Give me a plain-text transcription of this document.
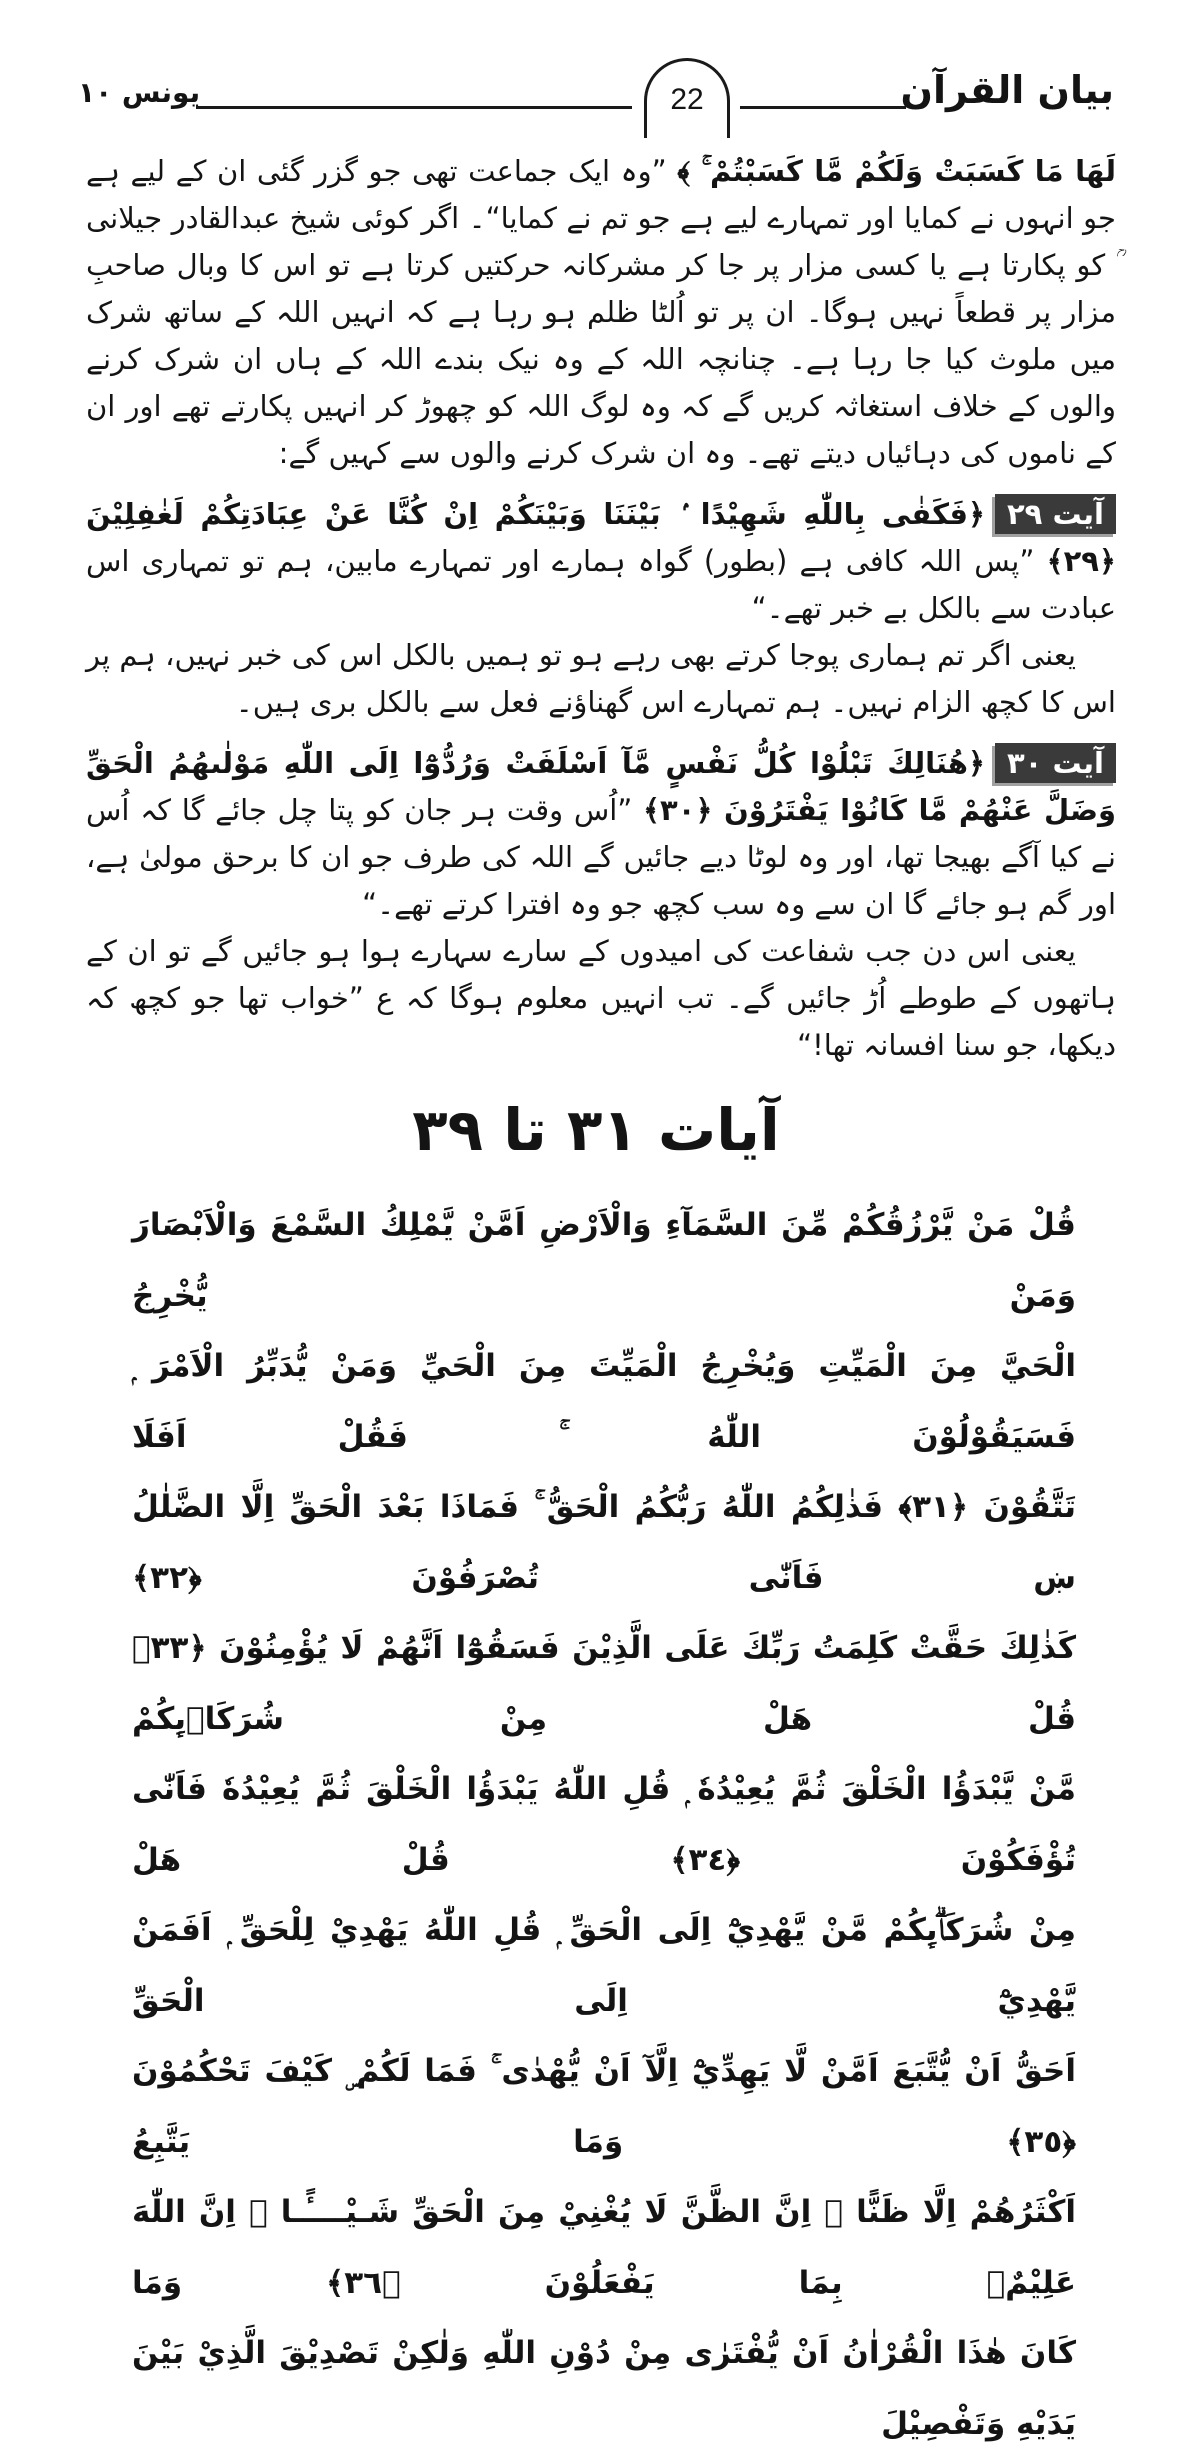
یونس ۱۰	22	بیان القرآن

لَهَا مَا كَسَبَتْ وَلَكُمْ مَّا كَسَبْتُمْ ۚ ﴾ ”وہ ایک جماعت تھی جو گزر گئی ان کے لیے ہے جو انہوں نے کمایا اور تمہارے لیے ہے جو تم نے کمایا“۔ اگر کوئی شیخ عبدالقادر جیلانی ؒ کو پکارتا ہے یا کسی مزار پر جا کر مشرکانہ حرکتیں کرتا ہے تو اس کا وبال صاحبِ مزار پر قطعاً نہیں ہوگا۔ ان پر تو اُلٹا ظلم ہو رہا ہے کہ انہیں اللہ کے ساتھ شرک میں ملوث کیا جا رہا ہے۔ چنانچہ اللہ کے وہ نیک بندے اللہ کے ہاں ان شرک کرنے والوں کے خلاف استغاثہ کریں گے کہ وہ لوگ اللہ کو چھوڑ کر انہیں پکارتے تھے اور ان کے ناموں کی دہائیاں دیتے تھے۔ وہ ان شرک کرنے والوں سے کہیں گے:

آیت ۲۹﴿فَكَفٰى بِاللّٰهِ شَهِيْدًا ۢ بَيْنَنَا وَبَيْنَكُمْ اِنْ كُنَّا عَنْ عِبَادَتِكُمْ لَغٰفِلِيْنَ ﴿٢٩﴾ ”پس اللہ کافی ہے (بطور) گواہ ہمارے اور تمہارے مابین، ہم تو تمہاری اس عبادت سے بالکل بے خبر تھے۔“

یعنی اگر تم ہماری پوجا کرتے بھی رہے ہو تو ہمیں بالکل اس کی خبر نہیں، ہم پر اس کا کچھ الزام نہیں۔ ہم تمہارے اس گھناؤنے فعل سے بالکل بری ہیں۔

آیت ۳۰﴿هُنَالِكَ تَبْلُوْا كُلُّ نَفْسٍ مَّآ اَسْلَفَتْ وَرُدُّوْٓا اِلَى اللّٰهِ مَوْلٰىهُمُ الْحَقِّ وَضَلَّ عَنْهُمْ مَّا كَانُوْا يَفْتَرُوْنَ ﴿٣٠﴾ ”اُس وقت ہر جان کو پتا چل جائے گا کہ اُس نے کیا آگے بھیجا تھا، اور وہ لوٹا دیے جائیں گے اللہ کی طرف جو ان کا برحق مولیٰ ہے، اور گم ہو جائے گا ان سے وہ سب کچھ جو وہ افترا کرتے تھے۔“

یعنی اس دن جب شفاعت کی امیدوں کے سارے سہارے ہوا ہو جائیں گے تو ان کے ہاتھوں کے طوطے اُڑ جائیں گے۔ تب انہیں معلوم ہوگا کہ ع ”خواب تھا جو کچھ کہ دیکھا، جو سنا افسانہ تھا!“

آیات ۳۱ تا ۳۹

قُلْ مَنْ يَّرْزُقُكُمْ مِّنَ السَّمَآءِ وَالْاَرْضِ اَمَّنْ يَّمْلِكُ السَّمْعَ وَالْاَبْصَارَ وَمَنْ يُّخْرِجُ

الْحَيَّ مِنَ الْمَيِّتِ وَيُخْرِجُ الْمَيِّتَ مِنَ الْحَيِّ وَمَنْ يُّدَبِّرُ الْاَمْرَ ۭ فَسَيَقُوْلُوْنَ اللّٰهُ ۚ فَقُلْ اَفَلَا

تَتَّقُوْنَ ﴿٣١﴾ فَذٰلِكُمُ اللّٰهُ رَبُّكُمُ الْحَقُّ ۚ فَمَاذَا بَعْدَ الْحَقِّ اِلَّا الضَّلٰلُ ښ فَاَنّٰى تُصْرَفُوْنَ ﴿٣٢﴾

كَذٰلِكَ حَقَّتْ كَلِمَتُ رَبِّكَ عَلَى الَّذِيْنَ فَسَقُوْٓا اَنَّهُمْ لَا يُؤْمِنُوْنَ ﴿٣٣﴾ قُلْ هَلْ مِنْ شُرَكَاۗىِٕكُمْ

مَّنْ يَّبْدَؤُا الْخَلْقَ ثُمَّ يُعِيْدُهٗ ۭ قُلِ اللّٰهُ يَبْدَؤُا الْخَلْقَ ثُمَّ يُعِيْدُهٗ فَاَنّٰى تُؤْفَكُوْنَ ﴿٣٤﴾ قُلْ هَلْ

مِنْ شُرَكَاۗىِٕكُمْ مَّنْ يَّهْدِيْٓ اِلَى الْحَقِّ ۭ قُلِ اللّٰهُ يَهْدِيْ لِلْحَقِّ ۭ اَفَمَنْ يَّهْدِيْٓ اِلَى الْحَقِّ

اَحَقُّ اَنْ يُّتَّبَعَ اَمَّنْ لَّا يَهِدِّيْٓ اِلَّآ اَنْ يُّهْدٰى ۚ فَمَا لَكُمْ ۣ كَيْفَ تَحْكُمُوْنَ ﴿٣٥﴾ وَمَا يَتَّبِعُ

اَكْثَرُهُمْ اِلَّا ظَنًّا ۭ اِنَّ الظَّنَّ لَا يُغْنِيْ مِنَ الْحَقِّ شَـيْــــًٔـا ۭ اِنَّ اللّٰهَ عَلِيْمٌۢ بِمَا يَفْعَلُوْنَ ﴿٣٦﴾ وَمَا

كَانَ هٰذَا الْقُرْاٰنُ اَنْ يُّفْتَرٰى مِنْ دُوْنِ اللّٰهِ وَلٰكِنْ تَصْدِيْقَ الَّذِيْ بَيْنَ يَدَيْهِ وَتَفْصِيْلَ
